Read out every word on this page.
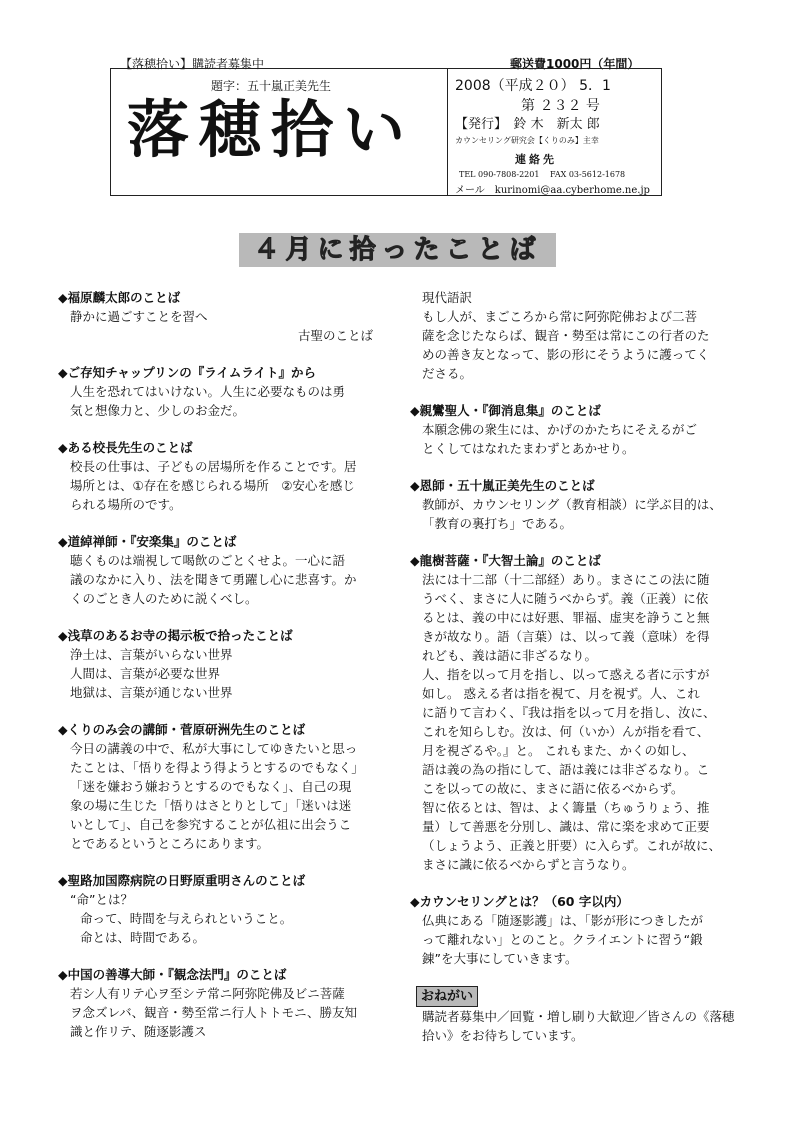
【落穂拾い】購読者募集中	郵送費1000円（年間）
題字：五十嵐正美先生
落穂拾い
2008（平成２０） 5．1
第 ２３２ 号
【発行】　鈴 木　新太 郎
カウンセリング研究会【くりのみ】主幸
連絡先
TEL 090-7808-2201　 FAX 03-5612-1678
メール　kurinomi@aa.cyberhome.ne.jp
４月に拾ったことば
◆福原麟太郎のことば
静かに過ごすことを習へ
古聖のことば
◆ご存知チャップリンの『ライムライト』から
人生を恐れてはいけない。人生に必要なものは勇
気と想像力と、少しのお金だ。
◆ある校長先生のことば
校長の仕事は、子どもの居場所を作ることです。居
場所とは、①存在を感じられる場所　②安心を感じ
られる場所のです。
◆道綽禅師・『安楽集』のことば
聴くものは端視して喝飲のごとくせよ。一心に語
議のなかに入り、法を聞きて勇躍し心に悲喜す。か
くのごとき人のために説くべし。
◆浅草のあるお寺の掲示板で拾ったことば
浄土は、言葉がいらない世界
人間は、言葉が必要な世界
地獄は、言葉が通じない世界
◆くりのみ会の講師・菅原研洲先生のことば
今日の講義の中で、私が大事にしてゆきたいと思っ
たことは、「悟りを得よう得ようとするのでもなく」
「迷を嫌おう嫌おうとするのでもなく」、自己の現
象の場に生じた「悟りはさとりとして」「迷いは迷
いとして」、自己を参究することが仏祖に出会うこ
とであるというところにあります。
◆聖路加国際病院の日野原重明さんのことば
“命”とは？
命って、時間を与えられということ。
命とは、時間である。
◆中国の善導大師・『観念法門』のことば
若シ人有リテ心ヲ至シテ常ニ阿弥陀佛及ビニ菩薩
ヲ念ズレバ、観音・勢至常ニ行人トトモニ、勝友知
識と作リテ、随逐影護ス
現代語訳
もし人が、まごころから常に阿弥陀佛および二菩
薩を念じたならば、観音・勢至は常にこの行者のた
めの善き友となって、影の形にそうように護ってく
ださる。
◆親鸞聖人・『御消息集』のことば
本願念佛の衆生には、かげのかたちにそえるがご
とくしてはなれたまわずとあかせり。
◆恩師・五十嵐正美先生のことば
教師が、カウンセリング（教育相談）に学ぶ目的は、
「教育の裏打ち」である。
◆龍樹菩薩・『大智土論』のことば
法には十二部（十二部経）あり。まさにこの法に随
うべく、まさに人に随うべからず。義（正義）に依
るとは、義の中には好悪、罪福、虚実を諍うこと無
きが故なり。語（言葉）は、以って義（意味）を得
れども、義は語に非ざるなり。
人、指を以って月を指し、以って惑える者に示すが
如し。 惑える者は指を視て、月を視ず。人、これ
に語りて言わく、『我は指を以って月を指し、汝に、
これを知らしむ。汝は、何（いか）んが指を看て、
月を視ざるや。』と。 これもまた、かくの如し、
語は義の為の指にして、語は義には非ざるなり。こ
こを以っての故に、まさに語に依るべからず。
智に依るとは、智は、よく籌量（ちゅうりょう、推
量）して善悪を分別し、識は、常に楽を求めて正要
（しょうよう、正義と肝要）に入らず。これが故に、
まさに識に依るべからずと言うなり。
◆カウンセリングとは？（60 字以内）
仏典にある「随逐影護」は、「影が形につきしたが
って離れない」とのこと。クライエントに習う“鍛
錬”を大事にしていきます。
おねがい
購読者募集中／回覧・増し刷り大歓迎／皆さんの《落穂
拾い》をお待ちしています。
